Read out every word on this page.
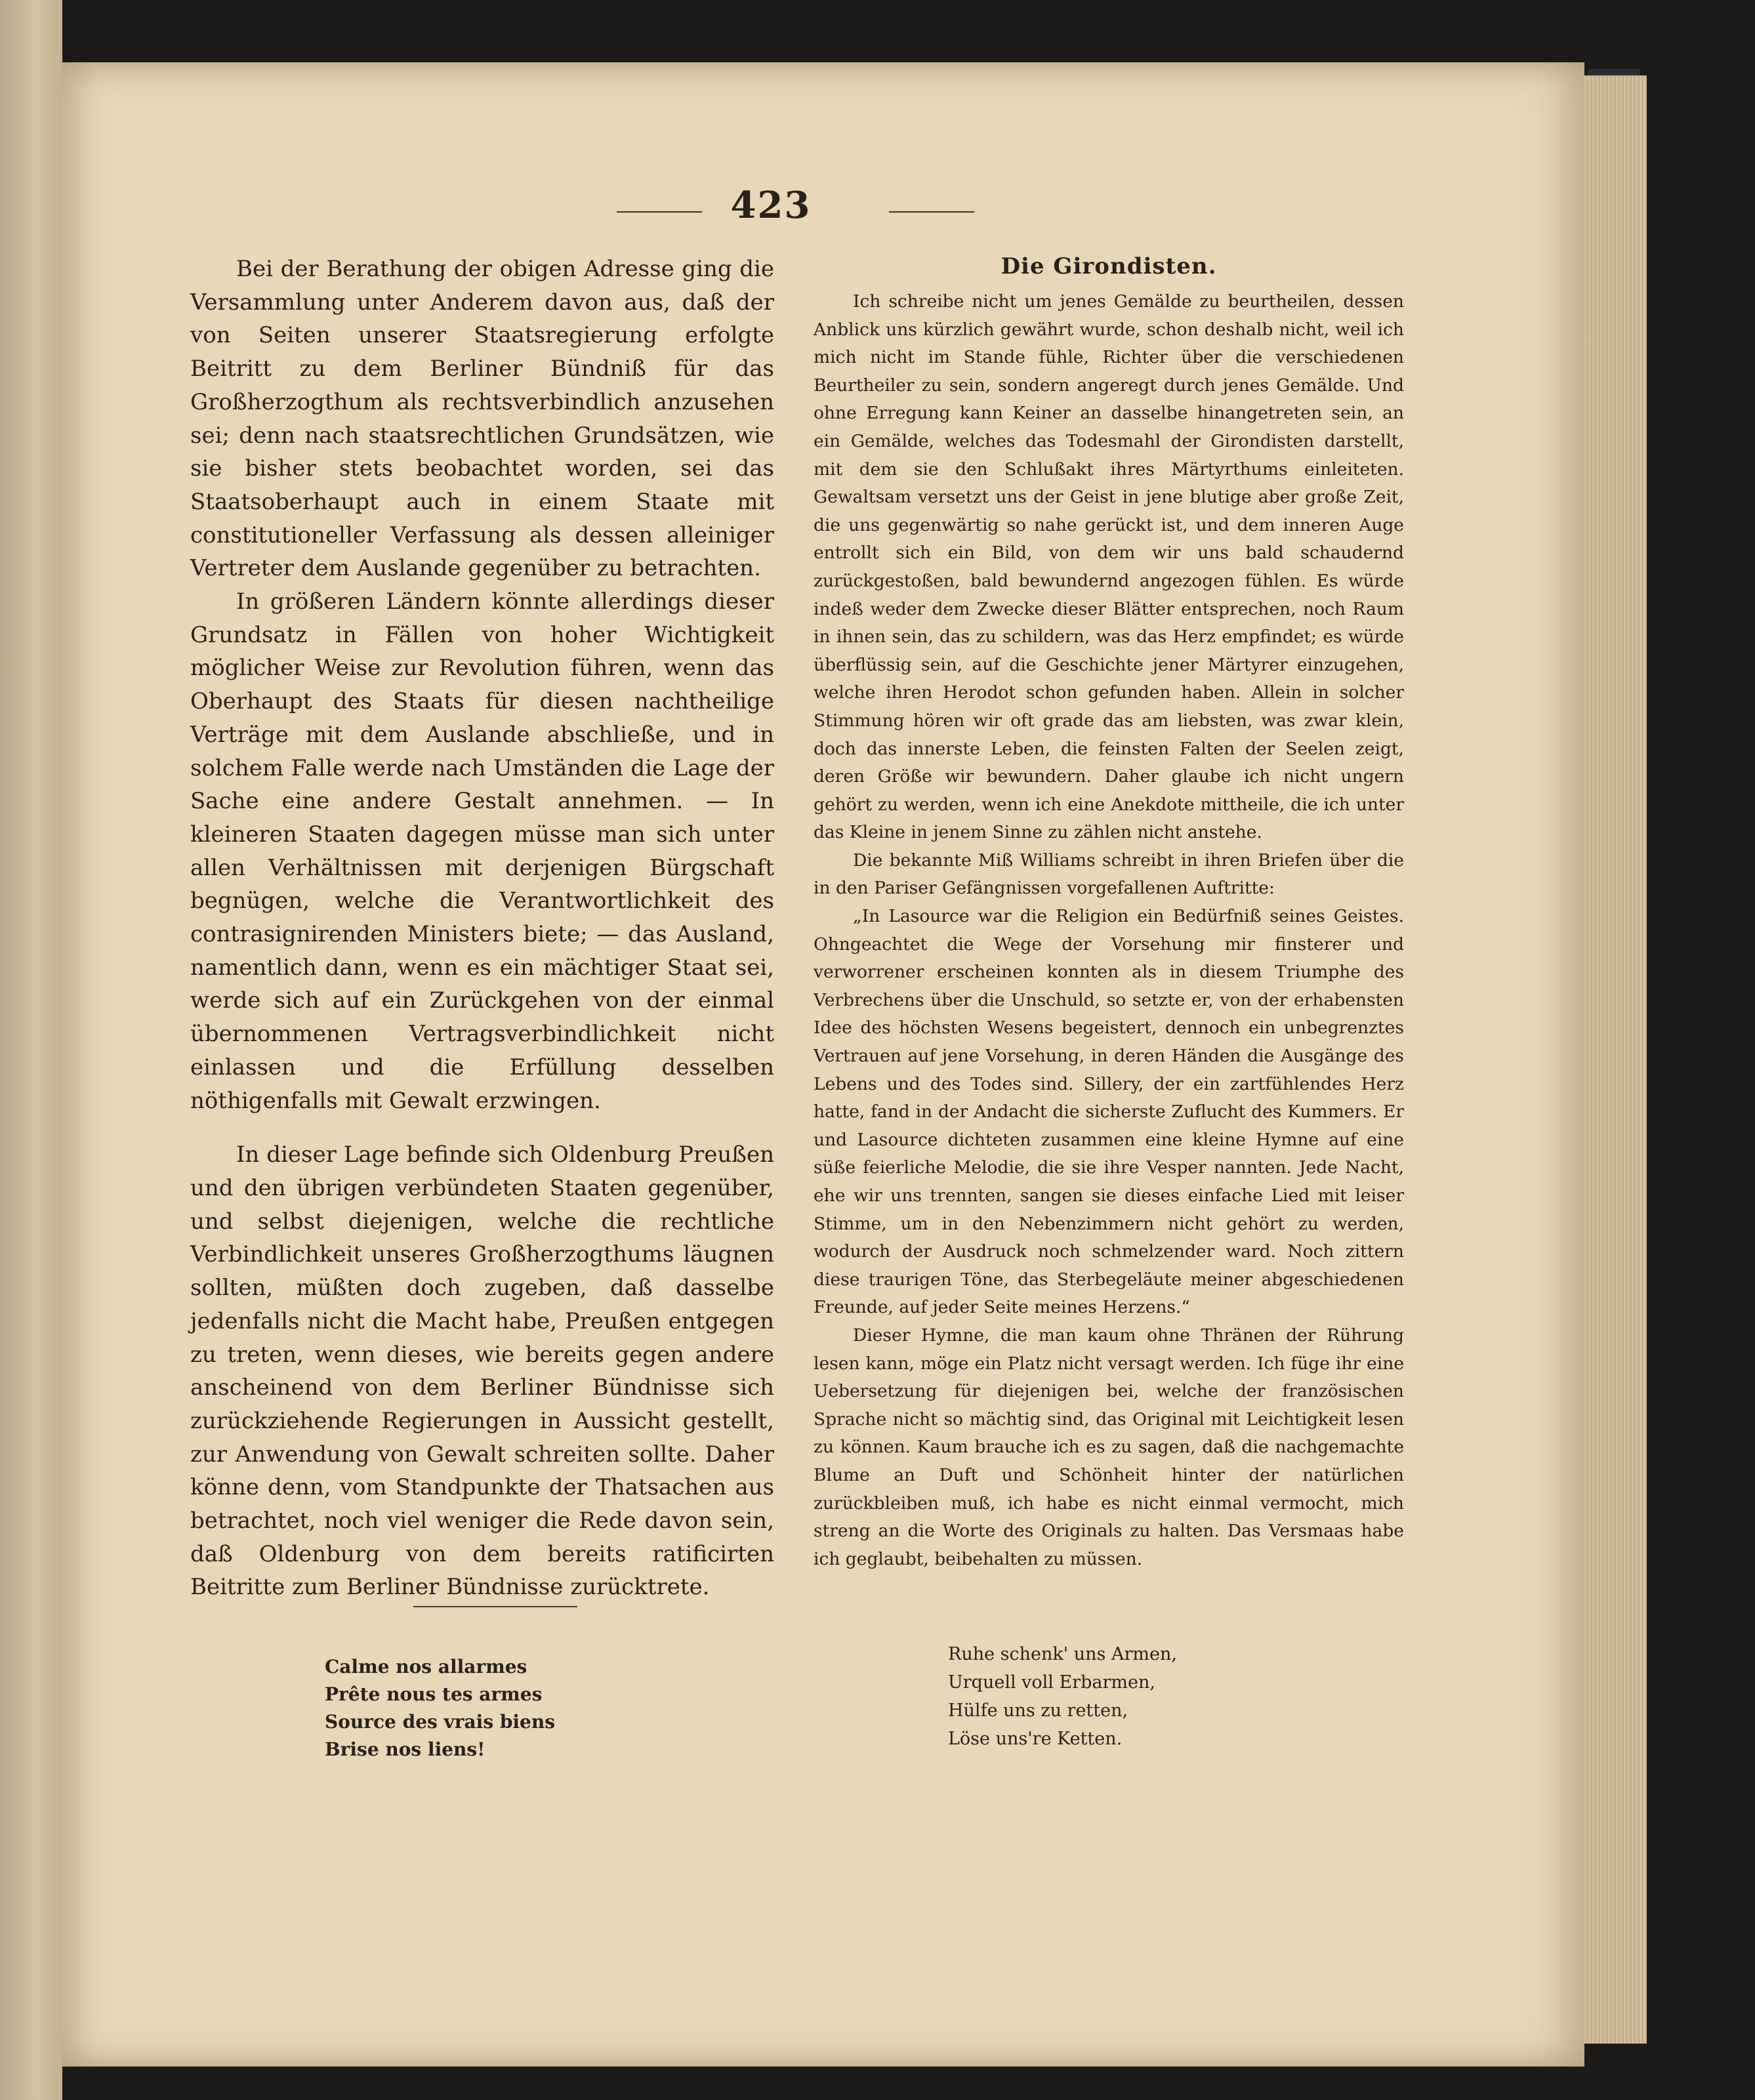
423

Bei der Berathung der obigen Adresse ging die Versammlung unter Anderem davon aus, daß der von Seiten unserer Staatsregierung erfolgte Beitritt zu dem Berliner Bündniß für das Großherzogthum als rechtsverbindlich anzusehen sei; denn nach staatsrechtlichen Grundsätzen, wie sie bisher stets beobachtet worden, sei das Staatsoberhaupt auch in einem Staate mit constitutioneller Verfassung als dessen alleiniger Vertreter dem Auslande gegenüber zu betrachten.

In größeren Ländern könnte allerdings dieser Grundsatz in Fällen von hoher Wichtigkeit möglicher Weise zur Revolution führen, wenn das Oberhaupt des Staats für diesen nachtheilige Verträge mit dem Auslande abschließe, und in solchem Falle werde nach Umständen die Lage der Sache eine andere Gestalt annehmen. — In kleineren Staaten dagegen müsse man sich unter allen Verhältnissen mit derjenigen Bürgschaft begnügen, welche die Verantwortlichkeit des contrasignirenden Ministers biete; — das Ausland, namentlich dann, wenn es ein mächtiger Staat sei, werde sich auf ein Zurückgehen von der einmal übernommenen Vertragsverbindlichkeit nicht einlassen und die Erfüllung desselben nöthigenfalls mit Gewalt erzwingen.

In dieser Lage befinde sich Oldenburg Preußen und den übrigen verbündeten Staaten gegenüber, und selbst diejenigen, welche die rechtliche Verbindlichkeit unseres Großherzogthums läugnen sollten, müßten doch zugeben, daß dasselbe jedenfalls nicht die Macht habe, Preußen entgegen zu treten, wenn dieses, wie bereits gegen andere anscheinend von dem Berliner Bündnisse sich zurückziehende Regierungen in Aussicht gestellt, zur Anwendung von Gewalt schreiten sollte. Daher könne denn, vom Standpunkte der Thatsachen aus betrachtet, noch viel weniger die Rede davon sein, daß Oldenburg von dem bereits ratificirten Beitritte zum Berliner Bündnisse zurücktrete.

Calme nos allarmes
Prête nous tes armes
Source des vrais biens
Brise nos liens!
Die Girondisten.

Ich schreibe nicht um jenes Gemälde zu beurtheilen, dessen Anblick uns kürzlich gewährt wurde, schon deshalb nicht, weil ich mich nicht im Stande fühle, Richter über die verschiedenen Beurtheiler zu sein, sondern angeregt durch jenes Gemälde. Und ohne Erregung kann Keiner an dasselbe hinangetreten sein, an ein Gemälde, welches das Todesmahl der Girondisten darstellt, mit dem sie den Schlußakt ihres Märtyrthums einleiteten. Gewaltsam versetzt uns der Geist in jene blutige aber große Zeit, die uns gegenwärtig so nahe gerückt ist, und dem inneren Auge entrollt sich ein Bild, von dem wir uns bald schaudernd zurückgestoßen, bald bewundernd angezogen fühlen. Es würde indeß weder dem Zwecke dieser Blätter entsprechen, noch Raum in ihnen sein, das zu schildern, was das Herz empfindet; es würde überflüssig sein, auf die Geschichte jener Märtyrer einzugehen, welche ihren Herodot schon gefunden haben. Allein in solcher Stimmung hören wir oft grade das am liebsten, was zwar klein, doch das innerste Leben, die feinsten Falten der Seelen zeigt, deren Größe wir bewundern. Daher glaube ich nicht ungern gehört zu werden, wenn ich eine Anekdote mittheile, die ich unter das Kleine in jenem Sinne zu zählen nicht anstehe.

Die bekannte Miß Williams schreibt in ihren Briefen über die in den Pariser Gefängnissen vorgefallenen Auftritte:

„In Lasource war die Religion ein Bedürfniß seines Geistes. Ohngeachtet die Wege der Vorsehung mir finsterer und verworrener erscheinen konnten als in diesem Triumphe des Verbrechens über die Unschuld, so setzte er, von der erhabensten Idee des höchsten Wesens begeistert, dennoch ein unbegrenztes Vertrauen auf jene Vorsehung, in deren Händen die Ausgänge des Lebens und des Todes sind. Sillery, der ein zartfühlendes Herz hatte, fand in der Andacht die sicherste Zuflucht des Kummers. Er und Lasource dichteten zusammen eine kleine Hymne auf eine süße feierliche Melodie, die sie ihre Vesper nannten. Jede Nacht, ehe wir uns trennten, sangen sie dieses einfache Lied mit leiser Stimme, um in den Nebenzimmern nicht gehört zu werden, wodurch der Ausdruck noch schmelzender ward. Noch zittern diese traurigen Töne, das Sterbegeläute meiner abgeschiedenen Freunde, auf jeder Seite meines Herzens.“

Dieser Hymne, die man kaum ohne Thränen der Rührung lesen kann, möge ein Platz nicht versagt werden. Ich füge ihr eine Uebersetzung für diejenigen bei, welche der französischen Sprache nicht so mächtig sind, das Original mit Leichtigkeit lesen zu können. Kaum brauche ich es zu sagen, daß die nachgemachte Blume an Duft und Schönheit hinter der natürlichen zurückbleiben muß, ich habe es nicht einmal vermocht, mich streng an die Worte des Originals zu halten. Das Versmaas habe ich geglaubt, beibehalten zu müssen.

Ruhe schenk' uns Armen,
Urquell voll Erbarmen,
Hülfe uns zu retten,
Löse uns're Ketten.
